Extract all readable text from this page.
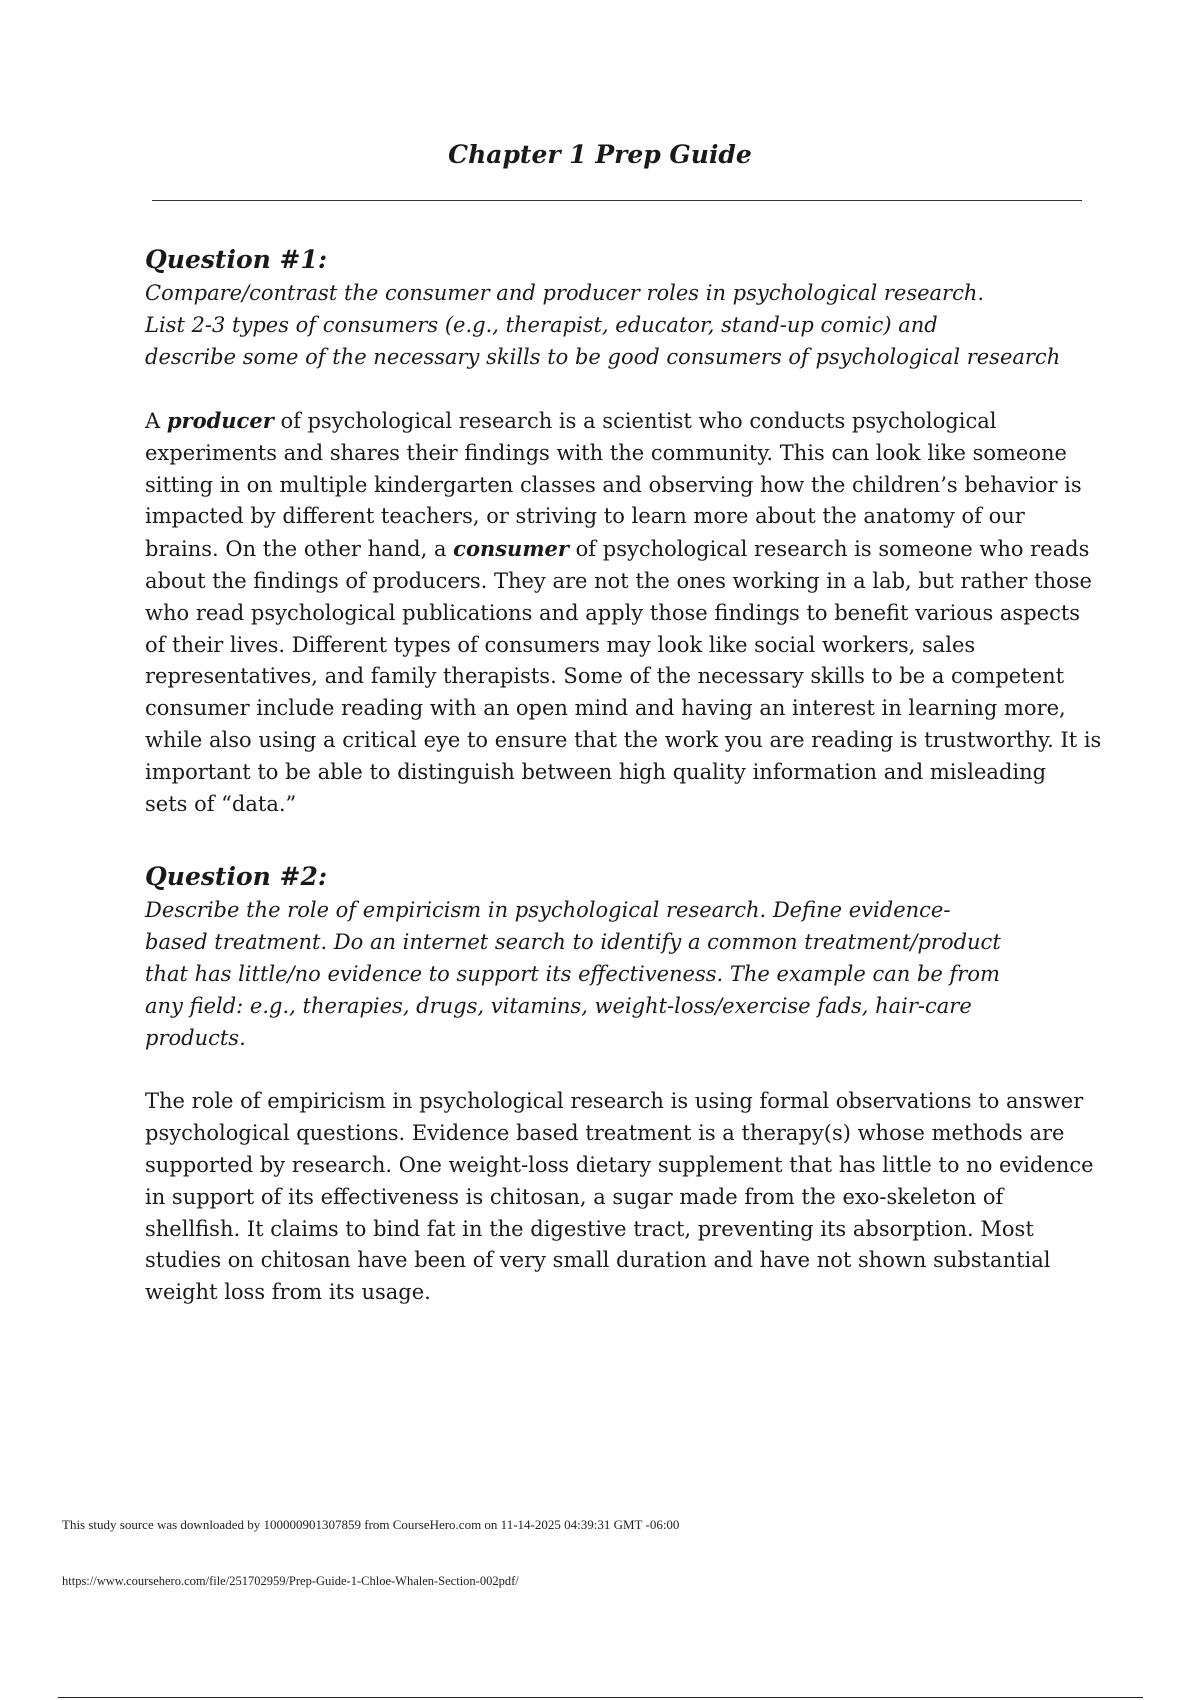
Chapter 1 Prep Guide
Question #1:

Compare/contrast the consumer and producer roles in psychological research.
List 2-3 types of consumers (e.g., therapist, educator, stand-up comic) and
describe some of the necessary skills to be good consumers of psychological research

A producer of psychological research is a scientist who conducts psychological
experiments and shares their findings with the community. This can look like someone
sitting in on multiple kindergarten classes and observing how the children’s behavior is
impacted by different teachers, or striving to learn more about the anatomy of our
brains. On the other hand, a consumer of psychological research is someone who reads
about the findings of producers. They are not the ones working in a lab, but rather those
who read psychological publications and apply those findings to benefit various aspects
of their lives. Different types of consumers may look like social workers, sales
representatives, and family therapists. Some of the necessary skills to be a competent
consumer include reading with an open mind and having an interest in learning more,
while also using a critical eye to ensure that the work you are reading is trustworthy. It is
important to be able to distinguish between high quality information and misleading
sets of “data.”

Question #2:

Describe the role of empiricism in psychological research. Define evidence-
based treatment. Do an internet search to identify a common treatment/product
that has little/no evidence to support its effectiveness. The example can be from
any field: e.g., therapies, drugs, vitamins, weight-loss/exercise fads, hair-care
products.

The role of empiricism in psychological research is using formal observations to answer
psychological questions. Evidence based treatment is a therapy(s) whose methods are
supported by research. One weight-loss dietary supplement that has little to no evidence
in support of its effectiveness is chitosan, a sugar made from the exo-skeleton of
shellfish. It claims to bind fat in the digestive tract, preventing its absorption. Most
studies on chitosan have been of very small duration and have not shown substantial
weight loss from its usage.

This study source was downloaded by 100000901307859 from CourseHero.com on 11-14-2025 04:39:31 GMT -06:00
https://www.coursehero.com/file/251702959/Prep-Guide-1-Chloe-Whalen-Section-002pdf/
